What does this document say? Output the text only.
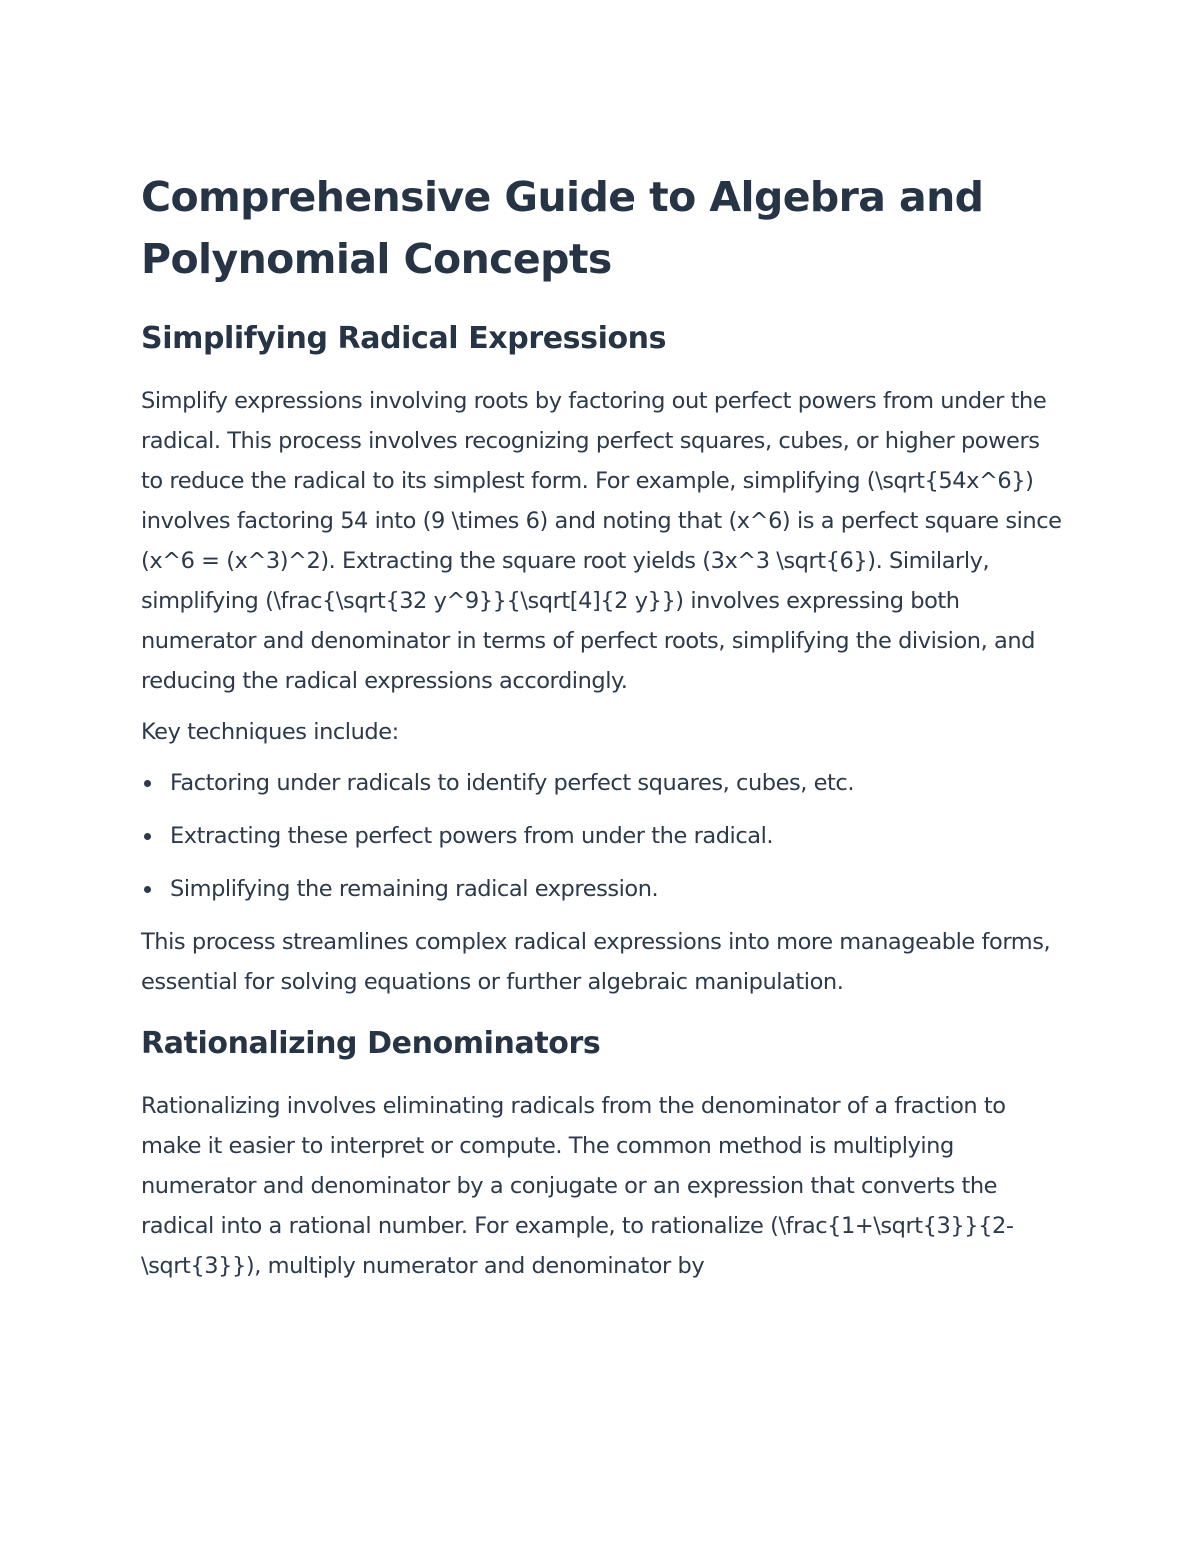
Comprehensive Guide to Algebra and Polynomial Concepts
Simplifying Radical Expressions

Simplify expressions involving roots by factoring out perfect powers from under the radical. This process involves recognizing perfect squares, cubes, or higher powers to reduce the radical to its simplest form. For example, simplifying (\sqrt{54x^6}) involves factoring 54 into (9 \times 6) and noting that (x^6) is a perfect square since (x^6 = (x^3)^2). Extracting the square root yields (3x^3 \sqrt{6}). Similarly, simplifying (\frac{\sqrt{32 y^9}}{\sqrt[4]{2 y}}) involves expressing both numerator and denominator in terms of perfect roots, simplifying the division, and reducing the radical expressions accordingly.

Key techniques include:

Factoring under radicals to identify perfect squares, cubes, etc.
Extracting these perfect powers from under the radical.
Simplifying the remaining radical expression.

This process streamlines complex radical expressions into more manageable forms, essential for solving equations or further algebraic manipulation.

Rationalizing Denominators

Rationalizing involves eliminating radicals from the denominator of a fraction to make it easier to interpret or compute. The common method is multiplying numerator and denominator by a conjugate or an expression that converts the radical into a rational number. For example, to rationalize (\frac{1+\sqrt{3}}{2-\sqrt{3}}), multiply numerator and denominator by
